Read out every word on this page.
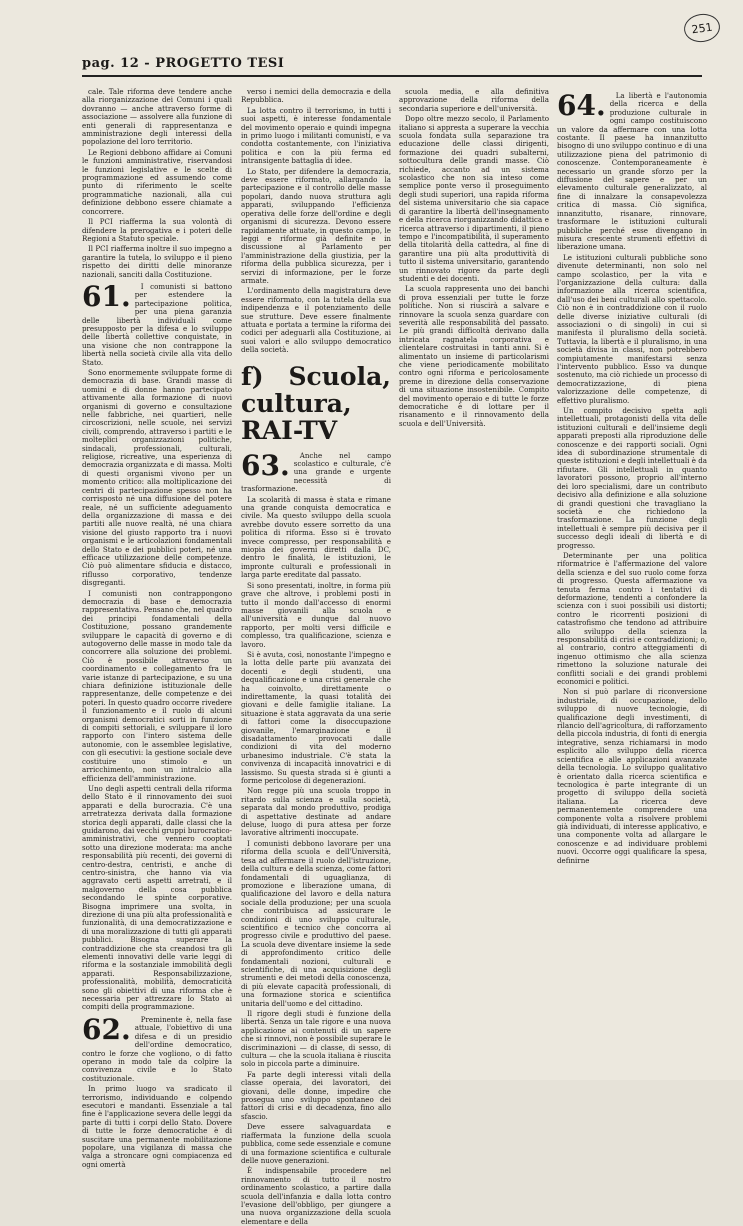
pag. 12 - PROGETTO TESI
251

cale. Tale riforma deve tendere anche alla riorganizzazione dei Comuni i quali dovranno — anche attraverso forme di associazione — assolvere alla funzione di enti generali di rappresentanza e amministrazione degli interessi della popolazione del loro territorio.

Le Regioni debbono affidare ai Comuni le funzioni amministrative, riservandosi le funzioni legislative e le scelte di programmazione ed assumendo come punto di riferimento le scelte programmatiche nazionali, alla cui definizione debbono essere chiamate a concorrere.

Il PCI riafferma la sua volontà di difendere la prerogativa e i poteri delle Regioni a Statuto speciale.

Il PCI riafferma inoltre il suo impegno a garantire la tutela, lo sviluppo e il pieno rispetto dei diritti delle minoranze nazionali, sanciti dalla Costituzione.

61.	I comunisti si battono per estendere la partecipazione politica, per una piena garanzia delle libertà individuali come presupposto per la difesa e lo sviluppo delle libertà collettive conquistate, in una visione che non contrappone la libertà nella società civile alla vita dello Stato.

Sono enormemente sviluppate forme di democrazia di base. Grandi masse di uomini e di donne hanno partecipato attivamente alla formazione di nuovi organismi di governo e consultazione nelle fabbriche, nei quartieri, nelle circoscrizioni, nelle scuole, nei servizi civili, comprendo, attraverso i partiti e le molteplici organizzazioni politiche, sindacali, professionali, culturali, religiose, ricreative, una esperienza di democrazia organizzata e di massa. Molti di questi organismi vivono per un momento critico: alla moltiplicazione dei centri di partecipazione spesso non ha corrisposto né una diffusione del potere reale, né un sufficiente adeguamento della organizzazione di massa e dei partiti alle nuove realtà, né una chiara visione del giusto rapporto tra i nuovi organismi e le articolazioni fondamentali dello Stato e dei pubblici poteri, né una efficace utilizzazione delle competenze. Ciò può alimentare sfiducia e distacco, riflusso corporativo, tendenze disgreganti.

I comunisti non contrappongono democrazia di base e democrazia rappresentativa. Pensano che, nel quadro dei principi fondamentali della Costituzione, possano grandemente sviluppare le capacità di governo e di autogoverno delle masse in modo tale da concorrere alla soluzione dei problemi. Ciò è possibile attraverso un coordinamento e collegamento fra le varie istanze di partecipazione, e su una chiara definizione istituzionale delle rappresentanze, delle competenze e dei poteri. In questo quadro occorre rivedere il funzionamento e il ruolo di alcuni organismi democratici sorti in funzione di compiti settoriali, e sviluppare il loro rapporto con l'intero sistema delle autonomie, con le assemblee legislative, con gli esecutivi: la gestione sociale deve costituire uno stimolo e un arricchimento, non un intralcio alla efficienza dell'amministrazione.

Uno degli aspetti centrali della riforma dello Stato è il rinnovamento dei suoi apparati e della burocrazia. C'è una arretratezza derivata dalla formazione storica degli apparati, dalle classi che la guidarono, dai vecchi gruppi burocratico-amministrativi, che vennero cooptati sotto una direzione moderata: ma anche responsabilità più recenti, dei governi di centro-destra, centristi, e anche di centro-sinistra, che hanno via via aggravato certi aspetti arretrati, e il malgoverno della cosa pubblica secondando le spinte corporative. Bisogna imprimere una svolta, in direzione di una più alta professionalità e funzionalità, di una democratizzazione e di una moralizzazione di tutti gli apparati pubblici. Bisogna superare la contraddizione che sta creandosi tra gli elementi innovativi delle varie leggi di riforma e la sostanziale immobilità degli apparati. Responsabilizzazione, professionalità, mobilità, democraticità sono gli obiettivi di una riforma che è necessaria per attrezzare lo Stato ai compiti della programmazione.

62.	Preminente è, nella fase attuale, l'obiettivo di una difesa e di un presidio dell'ordine democratico, contro le forze che vogliono, o di fatto operano in modo tale da colpire la convivenza civile e lo Stato costituzionale.

In primo luogo va sradicato il terrorismo, individuando e colpendo esecutori e mandanti. Essenziale a tal fine è l'applicazione severa delle leggi da parte di tutti i corpi dello Stato. Dovere di tutte le forze democratiche è di suscitare una permanente mobilitazione popolare, una vigilanza di massa che valga a stroncare ogni compiacenza ed ogni omertà

verso i nemici della democrazia e della Repubblica.

La lotta contro il terrorismo, in tutti i suoi aspetti, è interesse fondamentale del movimento operaio e quindi impegna in primo luogo i militanti comunisti, e va condotta costantemente, con l'iniziativa politica e con la più ferma ed intransigente battaglia di idee.

Lo Stato, per difendere la democrazia, deve essere riformato, allargando la partecipazione e il controllo delle masse popolari, dando nuova struttura agli apparati, sviluppando l'efficienza operativa delle forze dell'ordine e degli organismi di sicurezza. Devono essere rapidamente attuate, in questo campo, le leggi e riforme già definite e in discussione al Parlamento per l'amministrazione della giustizia, per la riforma della pubblica sicurezza, per i servizi di informazione, per le forze armate.

L'ordinamento della magistratura deve essere riformato, con la tutela della sua indipendenza e il potenziamento delle sue strutture. Deve essere finalmente attuata e portata a termine la riforma dei codici per adeguarli alla Costituzione, ai suoi valori e allo sviluppo democratico della società.

f) Scuola, cultura, RAI-TV
63.	Anche nel campo scolastico e culturale, c'è una grande e urgente necessità di trasformazione.

La scolarità di massa è stata e rimane una grande conquista democratica e civile. Ma questo sviluppo della scuola avrebbe dovuto essere sorretto da una politica di riforma. Esso si è trovato invece compresso, per responsabilità e miopia dei governi diretti dalla DC, dentro le finalità, le istituzioni, le impronte culturali e professionali in larga parte ereditate dal passato.

Si sono presentati, inoltre, in forma più grave che altrove, i problemi posti in tutto il mondo dall'accesso di enormi masse giovanili alla scuola e all'università e dunque dal nuovo rapporto, per molti versi difficile e complesso, tra qualificazione, scienza e lavoro.

Si è avuta, così, nonostante l'impegno e la lotta delle parte più avanzata dei docenti e degli studenti, una dequalificazione e una crisi generale che ha coinvolto, direttamente o indirettamente, la quasi totalità dei giovani e delle famiglie italiane. La situazione è stata aggravata da una serie di fattori come la disoccupazione giovanile, l'emarginazione e il disadattamento provocati dalle condizioni di vita del moderno urbanesimo industriale. C'è stata la convivenza di incapacità innovatrici e di lassismo. Su questa strada si è giunti a forme pericolose di degenerazioni.

Non regge più una scuola troppo in ritardo sulla scienza e sulla società, separata dal mondo produttivo, prodiga di aspettative destinate ad andare deluse, luogo di pura attesa per forze lavorative altrimenti inoccupate.

I comunisti debbono lavorare per una riforma della scuola e dell'Università, tesa ad affermare il ruolo dell'istruzione, della cultura e della scienza, come fattori fondamentali di uguaglianza, di promozione e liberazione umana, di qualificazione del lavoro e della natura sociale della produzione; per una scuola che contribuisca ad assicurare le condizioni di uno sviluppo culturale, scientifico e tecnico che concorra al progresso civile e produttivo del paese. La scuola deve diventare insieme la sede di approfondimento critico delle fondamentali nozioni, culturali e scientifiche, di una acquisizione degli strumenti e dei metodi della conoscenza, di più elevate capacità professionali, di una formazione storica e scientifica unitaria dell'uomo e del cittadino.

Il rigore degli studi è funzione della libertà. Senza un tale rigore e una nuova applicazione ai contenuti di un sapere che si rinnovi, non è possibile superare le discriminazioni — di classe, di sesso, di cultura — che la scuola italiana è riuscita solo in piccola parte a diminuire.

Fa parte degli interessi vitali della classe operaia, dei lavoratori, dei giovani, delle donne, impedire che prosegua uno sviluppo spontaneo dei fattori di crisi e di decadenza, fino allo sfascio.

Deve essere salvaguardata e riaffermata la funzione della scuola pubblica, come sede essenziale e comune di una formazione scientifica e culturale delle nuove generazioni.

È indispensabile procedere nel rinnovamento di tutto il nostro ordinamento scolastico, a partire dalla scuola dell'infanzia e dalla lotta contro l'evasione dell'obbligo, per giungere a una nuova organizzazione della scuola elementare e della

scuola media, e alla definitiva approvazione della riforma della secondaria superiore e dell'università.

Dopo oltre mezzo secolo, il Parlamento italiano si appresta a superare la vecchia scuola fondata sulla separazione tra educazione delle classi dirigenti, formazione dei quadri subalterni, sottocultura delle grandi masse. Ciò richiede, accanto ad un sistema scolastico che non sia inteso come semplice ponte verso il proseguimento degli studi superiori, una rapida riforma del sistema universitario che sia capace di garantire la libertà dell'insegnamento e della ricerca riorganizzando didattica e ricerca attraverso i dipartimenti, il pieno tempo e l'incompatibilità, il superamento della titolarità della cattedra, al fine di garantire una più alta produttività di tutto il sistema universitario, garantendo un rinnovato rigore da parte degli studenti e dei docenti.

La scuola rappresenta uno dei banchi di prova essenziali per tutte le forze politiche. Non si riuscirà a salvare e rinnovare la scuola senza guardare con severità alle responsabilità del passato. Le più grandi difficoltà derivano dalla intricata ragnatela corporativa e clientelare costruitasi in tanti anni. Si è alimentato un insieme di particolarismi che viene periodicamente mobilitato contro ogni riforma e pericolosamente preme in direzione della conservazione di una situazione insostenibile. Compito del movimento operaio e di tutte le forze democratiche è di lottare per il risanamento e il rinnovamento della scuola e dell'Università.

64.	La libertà e l'autonomia della ricerca e della produzione culturale in ogni campo costituiscono un valore da affermare con una lotta costante. Il paese ha innanzitutto bisogno di uno sviluppo continuo e di una utilizzazione piena del patrimonio di conoscenze. Contemporaneamente è necessario un grande sforzo per la diffusione del sapere e per un elevamento culturale generalizzato, al fine di innalzare la consapevolezza critica di massa. Ciò significa, innanzitutto, risanare, rinnovare, trasformare le istituzioni culturali pubbliche perché esse divengano in misura crescente strumenti effettivi di liberazione umana.

Le istituzioni culturali pubbliche sono divenute determinanti, non solo nel campo scolastico, per la vita e l'organizzazione della cultura: dalla informazione alla ricerca scientifica, dall'uso dei beni culturali allo spettacolo. Ciò non è in contraddizione con il ruolo delle diverse iniziative culturali (di associazioni o di singoli) in cui si manifesta il pluralismo della società. Tuttavia, la libertà e il pluralismo, in una società divisa in classi, non potrebbero compiutamente manifestarsi senza l'intervento pubblico. Esso va dunque sostenuto, ma ciò richiede un processo di democratizzazione, di piena valorizzazione delle competenze, di effettivo pluralismo.

Un compito decisivo spetta agli intellettuali, protagonisti della vita delle istituzioni culturali e dell'insieme degli apparati preposti alla riproduzione delle conoscenze e dei rapporti sociali. Ogni idea di subordinazione strumentale di queste istituzioni e degli intellettuali è da rifiutare. Gli intellettuali in quanto lavoratori possono, proprio all'interno dei loro specialismi, dare un contributo decisivo alla definizione e alla soluzione di grandi questioni che travagliano la società e che richiedono la trasformazione. La funzione degli intellettuali è sempre più decisiva per il successo degli ideali di libertà e di progresso.

Determinante per una politica riformatrice è l'affermazione del valore della scienza e del suo ruolo come forza di progresso. Questa affermazione va tenuta ferma contro i tentativi di deformazione, tendenti a confondere la scienza con i suoi possibili usi distorti; contro le ricorrenti posizioni di catastrofismo che tendono ad attribuire allo sviluppo della scienza la responsabilità di crisi e contraddizioni; o, al contrario, contro atteggiamenti di ingenuo ottimismo che alla scienza rimettono la soluzione naturale dei conflitti sociali e dei grandi problemi economici e politici.

Non si può parlare di riconversione industriale, di occupazione, dello sviluppo di nuove tecnologie, di qualificazione degli investimenti, di rilancio dell'agricoltura, di rafforzamento della piccola industria, di fonti di energia integrative, senza richiamarsi in modo esplicito allo sviluppo della ricerca scientifica e alle applicazioni avanzate della tecnologia. Lo sviluppo qualitativo è orientato dalla ricerca scientifica e tecnologica è parte integrante di un progetto di sviluppo della società italiana. La ricerca deve permanentemente comprendere una componente volta a risolvere problemi già individuati, di interesse applicativo, e una componente volta ad allargare le conoscenze e ad individuare problemi nuovi. Occorre oggi qualificare la spesa, definirne
